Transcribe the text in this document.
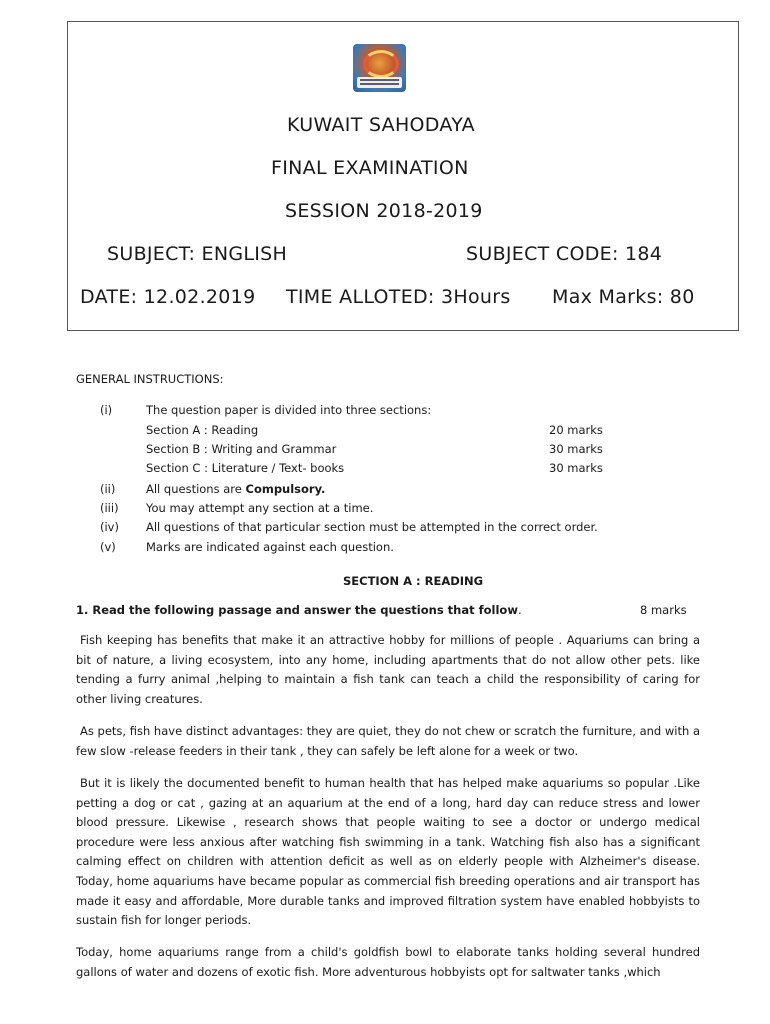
KUWAIT SAHODAYA
FINAL EXAMINATION
SESSION 2018-2019
SUBJECT: ENGLISH	SUBJECT CODE: 184
DATE: 12.02.2019 TIME ALLOTED: 3Hours Max Marks: 80
GENERAL INSTRUCTIONS:
(i)	The question paper is divided into three sections:
Section A : Reading	20 marks
Section B : Writing and Grammar	30 marks
Section C : Literature / Text- books	30 marks
(ii)	All questions are Compulsory.
(iii) You may attempt any section at a time.
(iv) All questions of that particular section must be attempted in the correct order.
(v)	Marks are indicated against each question.
SECTION A : READING
1. Read the following passage and answer the questions that follow.	8 marks

Fish keeping has benefits that make it an attractive hobby for millions of people . Aquariums can bring a bit of nature, a living ecosystem, into any home, including apartments that do not allow other pets. like tending a furry animal ,helping to maintain a fish tank can teach a child the responsibility of caring for other living creatures.

As pets, fish have distinct advantages: they are quiet, they do not chew or scratch the furniture, and with a few slow -release feeders in their tank , they can safely be left alone for a week or two.

But it is likely the documented benefit to human health that has helped make aquariums so popular .Like petting a dog or cat , gazing at an aquarium at the end of a long, hard day can reduce stress and lower blood pressure. Likewise , research shows that people waiting to see a doctor or undergo medical procedure were less anxious after watching fish swimming in a tank. Watching fish also has a significant calming effect on children with attention deficit as well as on elderly people with Alzheimer's disease. Today, home aquariums have became popular as commercial fish breeding operations and air transport has made it easy and affordable, More durable tanks and improved filtration system have enabled hobbyists to sustain fish for longer periods.

Today, home aquariums range from a child's goldfish bowl to elaborate tanks holding several hundred gallons of water and dozens of exotic fish. More adventurous hobbyists opt for saltwater tanks ,which
